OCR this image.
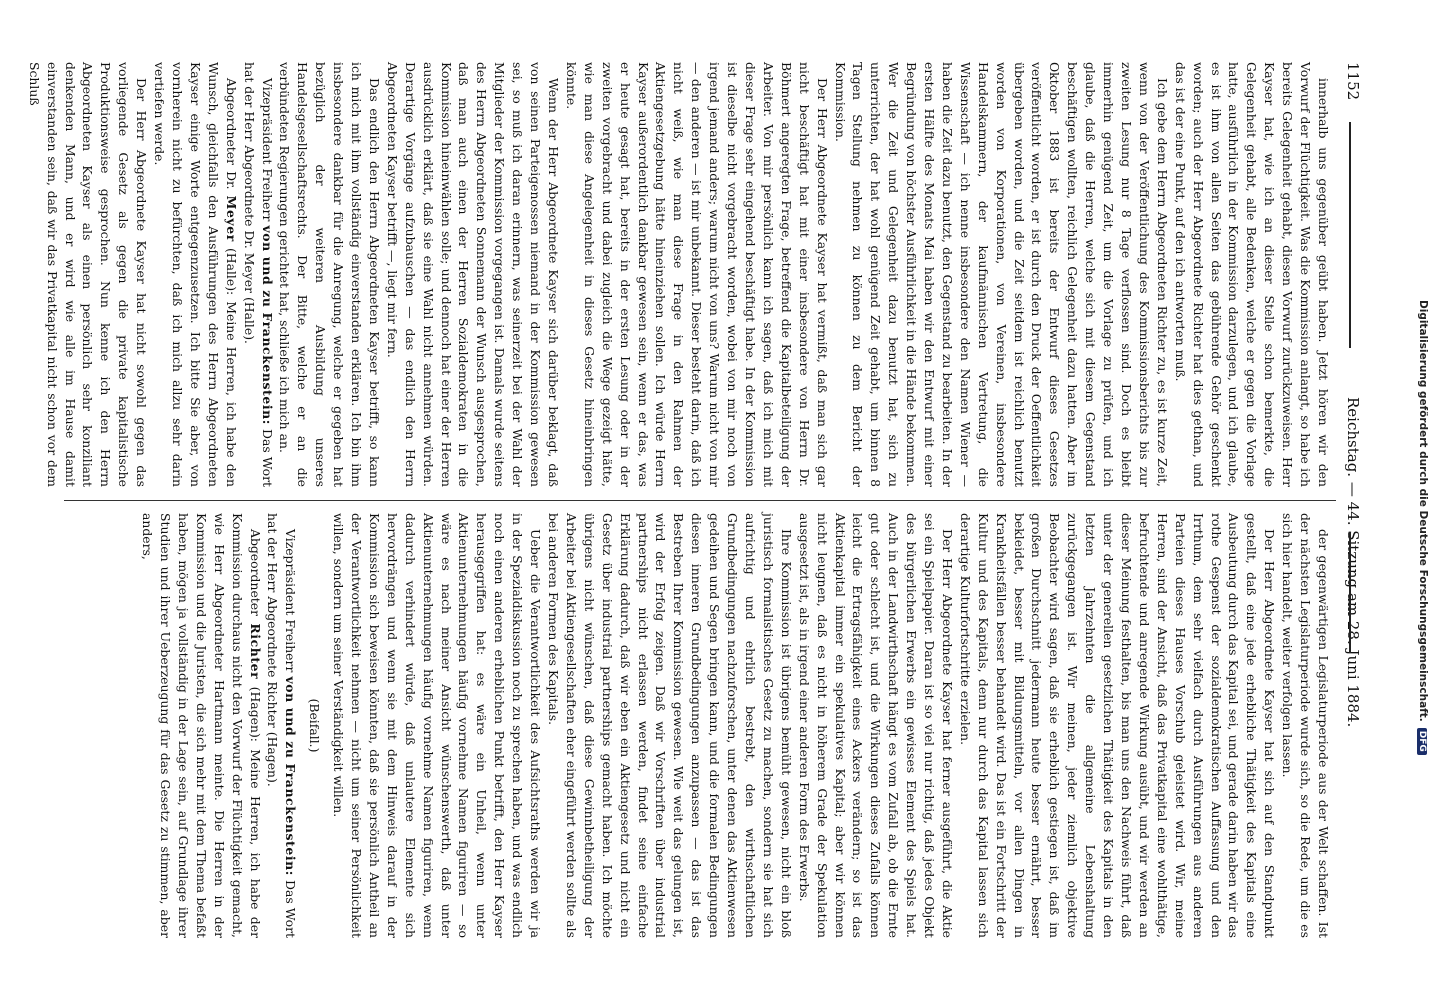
1152
Reichstag. — 44. Sitzung am 28. Juni 1884.

innerhalb uns gegenüber geübt haben. Jetzt hören wir den Vorwurf der Flüchtigkeit. Was die Kommission anlangt, so habe ich bereits Gelegenheit gehabt, diesen Vorwurf zurückzuweisen. Herr Kayser hat, wie ich an dieser Stelle schon bemerkte, die Gelegenheit gehabt, alle Bedenken, welche er gegen die Vorlage hatte, ausführlich in der Kommission darzulegen, und ich glaube, es ist ihm von allen Seiten das gebührende Gehör geschenkt worden; auch der Herr Abgeordnete Richter hat dies gethan, und das ist der eine Punkt, auf den ich antworten muß.

Ich gebe dem Herrn Abgeordneten Richter zu, es ist kurze Zeit, wenn von der Veröffentlichung des Kommissionsberichts bis zur zweiten Lesung nur 8 Tage verflossen sind. Doch es bleibt immerhin genügend Zeit, um die Vorlage zu prüfen, und ich glaube, daß die Herren, welche sich mit diesem Gegenstand beschäftigen wollten, reichlich Gelegenheit dazu hatten. Aber im Oktober 1883 ist bereits der Entwurf dieses Gesetzes veröffentlicht worden, er ist durch den Druck der Oeffentlichkeit übergeben worden, und die Zeit seitdem ist reichlich benutzt worden von Korporationen, von Vereinen, insbesondere Handelskammern, der kaufmännischen Vertretung, die Wissenschaft — ich nenne insbesondere den Namen Wiener — haben die Zeit dazu benutzt, den Gegenstand zu bearbeiten. In der ersten Hälfte des Monats Mai haben wir den Entwurf mit einer Begründung von höchster Ausführlichkeit in die Hände bekommen. Wer die Zeit und Gelegenheit dazu benutzt hat, sich zu unterrichten, der hat wohl genügend Zeit gehabt, um binnen 8 Tagen Stellung nehmen zu können zu dem Bericht der Kommission.

Der Herr Abgeordnete Kayser hat vermißt, daß man sich gar nicht beschäftigt hat mit einer insbesondere von Herrn Dr. Böhmert angeregten Frage, betreffend die Kapitalbeteiligung der Arbeiter. Von mir persönlich kann ich sagen, daß ich mich mit dieser Frage sehr eingehend beschäftigt habe. In der Kommission ist dieselbe nicht vorgebracht worden, wobei von mir noch von irgend jemand anders; warum nicht von uns? Warum nicht von mir — den anderen — ist mir unbekannt. Dieser besteht darin, daß ich nicht weiß, wie man diese Frage in den Rahmen der Aktiengesetzgebung hätte hineinziehen sollen. Ich würde Herrn Kayser außerordentlich dankbar gewesen sein, wenn er das, was er heute gesagt hat, bereits in der ersten Lesung oder in der zweiten vorgebracht und dabei zugleich die Wege gezeigt hätte, wie man diese Angelegenheit in dieses Gesetz hineinbringen könnte.

Wenn der Herr Abgeordnete Kayser sich darüber beklagt, daß von seinen Parteigenossen niemand in der Kommission gewesen sei, so muß ich daran erinnern, was seinerzeit bei der Wahl der Mitglieder der Kommission vorgegangen ist. Damals wurde seitens des Herrn Abgeordneten Sonnemann der Wunsch ausgesprochen, daß man auch einen der Herren Sozialdemokraten in die Kommission hineinwählen solle; und dennoch hat einer der Herren ausdrücklich erklärt, daß sie eine Wahl nicht annehmen würden. Derartige Vorgänge aufzubauschen — das endlich den Herrn Abgeordneten Kayser betrifft —, liegt mir fern.

Das endlich den Herrn Abgeordneten Kayser betrifft, so kann ich mich mit ihm vollständig einverstanden erklären. Ich bin ihm insbesondere dankbar für die Anregung, welche er gegeben hat bezüglich der weiteren Ausbildung unseres Handelsgesellschaftsrechts. Der Bitte, welche er an die verbündeten Regierungen gerichtet hat, schließe ich mich an.

Vizepräsident Freiherr von und zu Franckenstein: Das Wort hat der Herr Abgeordnete Dr. Meyer (Halle).

Abgeordneter Dr. Meyer (Halle): Meine Herren, ich habe den Wunsch, gleichfalls den Ausführungen des Herrn Abgeordneten Kayser einige Worte entgegenzusetzen. Ich bitte Sie aber, von vornherein nicht zu befürchten, daß ich mich allzu sehr darin vertiefen werde.

Der Herr Abgeordnete Kayser hat nicht sowohl gegen das vorliegende Gesetz als gegen die private kapitalistische Produktionsweise gesprochen. Nun kenne ich den Herrn Abgeordneten Kayser als einen persönlich sehr konziliant denkenden Mann, und er wird wie alle im Hause damit einverstanden sein, daß wir das Privatkapital nicht schon vor dem Schluß

der gegenwärtigen Legislaturperiode aus der Welt schaffen. Ist der nächsten Legislaturperiode wurde sich, so die Rede, um die es sich hier handelt, weiter verfolgen lassen.

Der Herr Abgeordnete Kayser hat sich auf den Standpunkt gestellt, daß eine jede erhebliche Thätigkeit des Kapitals eine Ausbeutung durch das Kapital sei, und gerade darin haben wir das rothe Gespenst der sozialdemokratischen Auffassung und den Irrthum, dem sehr vielfach durch Ausführungen aus anderen Parteien dieses Hauses Vorschub geleistet wird. Wir, meine Herren, sind der Ansicht, daß das Privatkapital eine wohlthätige, befruchtende und anregende Wirkung ausübt, und wir werden an dieser Meinung festhalten, bis man uns den Nachweis führt, daß unter der generellen gesetzlichen Thätigkeit des Kapitals in den letzten Jahrzehnten die allgemeine Lebenshaltung zurückgegangen ist. Wir meinen, jeder ziemlich objektive Beobachter wird sagen, daß sie erheblich gestiegen ist, daß im großen Durchschnitt jedermann heute besser ernährt, besser bekleidet, besser mit Bildungsmitteln, vor allen Dingen in Krankheitsfällen besser behandelt wird. Das ist ein Fortschritt der Kultur und des Kapitals, denn nur durch das Kapital lassen sich derartige Kulturfortschritte erzielen.

Der Herr Abgeordnete Kayser hat ferner ausgeführt, die Aktie sei ein Spielpapier. Daran ist so viel nur richtig, daß jedes Objekt des bürgerlichen Erwerbs ein gewisses Element des Spiels hat. Auch in der Landwirthschaft hängt es vom Zufall ab, ob die Ernte gut oder schlecht ist, und die Wirkungen dieses Zufalls können leicht die Ertragsfähigkeit eines Ackers verändern; so ist das Aktienkapital immer ein spekulatives Kapital; aber wir können nicht leugnen, daß es nicht in höherem Grade der Spekulation ausgesetzt ist, als in irgend einer anderen Form des Erwerbs.

Ihre Kommission ist übrigens bemüht gewesen, nicht ein bloß juristisch formalistisches Gesetz zu machen, sondern sie hat sich aufrichtig und ehrlich bestrebt, den wirthschaftlichen Grundbedingungen nachzuforschen, unter denen das Aktienwesen gedeihen und Segen bringen kann, und die formalen Bedingungen diesen inneren Grundbedingungen anzupassen — das ist das Bestreben Ihrer Kommission gewesen. Wie weit das gelungen ist, wird der Erfolg zeigen. Daß wir Vorschriften über industrial partnerships nicht erlassen werden, findet seine einfache Erklärung dadurch, daß wir eben ein Aktiengesetz und nicht ein Gesetz über industrial partnerships gemacht haben. Ich möchte übrigens nicht wünschen, daß diese Gewinnbetheiligung der Arbeiter bei Aktiengesellschaften eher eingeführt werden sollte als bei anderen Formen des Kapitals.

Ueber die Verantwortlichkeit des Aufsichtsraths werden wir ja in der Spezialdiskussion noch zu sprechen haben, und was endlich noch einen anderen erheblichen Punkt betrifft, den Herr Kayser herausgegriffen hat: es wäre ein Unheil, wenn unter Aktienunternehmungen häufig vornehme Namen figuriren — so wäre es nach meiner Ansicht wünschenswerth, daß unter Aktienunternehmungen häufig vornehme Namen figuriren, wenn dadurch verhindert würde, daß unlautere Elemente sich hervordrängen und wenn sie mit dem Hinweis darauf in der Kommission sich beweisen könnten, daß sie persönlich Antheil an der Verantwortlichkeit nehmen — nicht um seiner Persönlichkeit willen, sondern um seiner Verständigkeit willen.

(Beifall.)

Vizepräsident Freiherr von und zu Franckenstein: Das Wort hat der Herr Abgeordnete Richter (Hagen).

Abgeordneter Richter (Hagen): Meine Herren, ich habe der Kommission durchaus nicht den Vorwurf der Flüchtigkeit gemacht, wie Herr Abgeordneter Hartmann meinte. Die Herren in der Kommission und die Juristen, die sich mehr mit dem Thema befaßt haben, mögen ja vollständig in der Lage sein, auf Grundlage ihrer Studien und ihrer Ueberzeugung für das Gesetz zu stimmen, aber anders,	Digitalisierung gefördert durch die Deutsche Forschungsgemeinschaft.DFG
